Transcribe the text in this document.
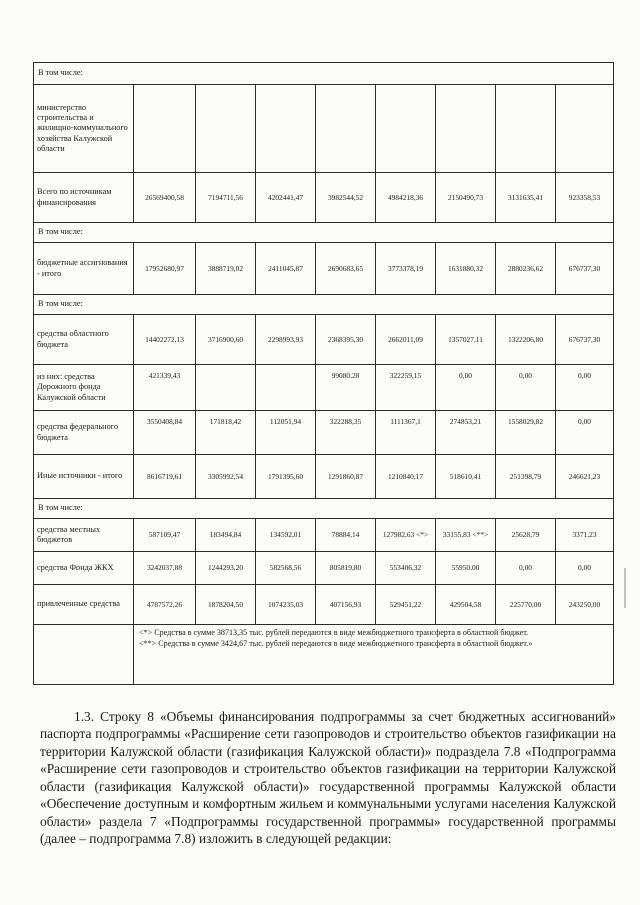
В том числе:								
министерство строительства и жилищно-коммунального хозяйства Калужской области								
Всего по источникам финансирования	26569400,58	7194711,56	4202441,47	3982544,52	4984218,36	2150490,73	3131635,41	923358,53
В том числе:								
бюджетные ассигнования - итого	17952680,97	3888719,02	2411045,87	2690683,65	3773378,19	1631880,32	2880236,62	676737,30
В том числе:								
средства областного бюджета	14402272,13	3716900,60	2298993,93	2368395,30	2662011,09	1357027,11	1322206,80	676737,30
из них: средства Дорожного фонда Калужской области	421339,43			99080,28	322259,15	0,00	0,00	0,00
средства федерального бюджета	3550408,84	171818,42	112051,94	322288,35	1111367,1	274853,21	1558029,82	0,00
Иные источники - итого	8616719,61	3305992,54	1791395,60	1291860,87	1210840,17	518610,41	251398,79	246621,23
В том числе:								
средства местных бюджетов	587109,47	183494,84	134592,01	78884,14	127982,63 <*>	33155,83 <**>	25628,79	3371,23
средства Фонда ЖКХ	3242037,88	1244293,20	582568,56	805819,80	553406,32	55950,00	0,00	0,00
привлеченные средства	4787572,26	1878204,50	1074235,03	407156,93	529451,22	429504,58	225770,00	243250,00

	<*> Средства в сумме 38713,35 тыс. рублей передаются в виде межбюджетного трансферта в областной бюджет.
<**> Средства в сумме 3424,67 тыс. рублей передаются в виде межбюджетного трансферта в областной бюджет.»							
1.3. Строку 8 «Объемы финансирования подпрограммы за счет бюджетных ассигнований» паспорта подпрограммы «Расширение сети газопроводов и строительство объектов газификации на территории Калужской области (газификация Калужской области)» подраздела 7.8 «Подпрограмма «Расширение сети газопроводов и строительство объектов газификации на территории Калужской области (газификация Калужской области)» государственной программы Калужской области «Обеспечение доступным и комфортным жильем и коммунальными услугами населения Калужской области» раздела 7 «Подпрограммы государственной программы» государственной программы (далее – подпрограмма 7.8) изложить в следующей редакции:
